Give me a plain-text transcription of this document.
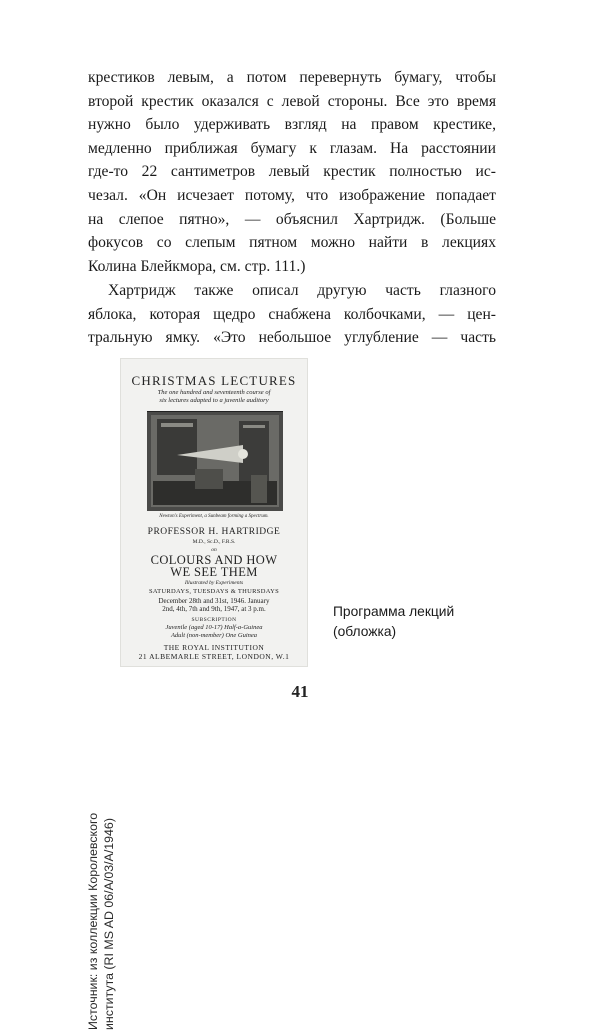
крестиков левым, а потом перевернуть бумагу, чтобы
второй крестик оказался с левой стороны. Все это время
нужно было удерживать взгляд на правом крестике,
медленно приближая бумагу к глазам. На расстоянии
где-то 22 сантиметров левый крестик полностью ис-
чезал. «Он исчезает потому, что изображение попадает
на слепое пятно», — объяснил Хартридж. (Больше
фокусов со слепым пятном можно найти в лекциях
Колина Блейкмора, см. стр. 111.)
Хартридж также описал другую часть глазного
яблока, которая щедро снабжена колбочками, — цен-
тральную ямку. «Это небольшое углубление — часть
Источник: из коллекции Королевского института (RI MS AD 06/A/03/A/1946)
CHRISTMAS LECTURES
The one hundred and seventeenth course of
six lectures adapted to a juvenile auditory
Newton's Experiment, a Sunbeam forming a Spectrum.
PROFESSOR H. HARTRIDGE
M.D., Sc.D., F.R.S.
on
COLOURS AND HOW
WE SEE THEM
Illustrated by Experiments
SATURDAYS, TUESDAYS & THURSDAYS
December 28th and 31st, 1946. January
2nd, 4th, 7th and 9th, 1947, at 3 p.m.
SUBSCRIPTION
Juvenile (aged 10-17) Half-a-Guinea
Adult (non-member) One Guinea
THE ROYAL INSTITUTION
21 ALBEMARLE STREET, LONDON, W.1
Программа лекций
(обложка)
41
